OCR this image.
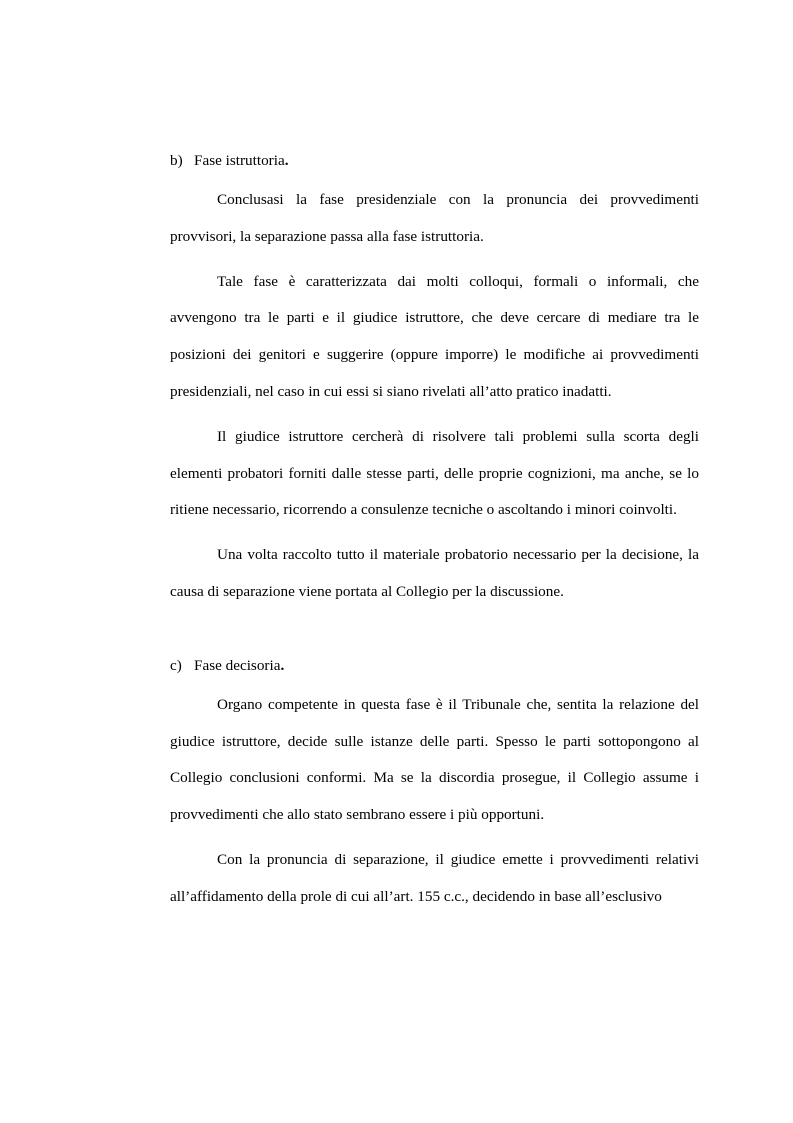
b) Fase istruttoria.

Conclusasi la fase presidenziale con la pronuncia dei provvedimenti provvisori, la separazione passa alla fase istruttoria.

Tale fase è caratterizzata dai molti colloqui, formali o informali, che avvengono tra le parti e il giudice istruttore, che deve cercare di mediare tra le posizioni dei genitori e suggerire (oppure imporre) le modifiche ai provvedimenti presidenziali, nel caso in cui essi si siano rivelati all’atto pratico inadatti.

Il giudice istruttore cercherà di risolvere tali problemi sulla scorta degli elementi probatori forniti dalle stesse parti, delle proprie cognizioni, ma anche, se lo ritiene necessario, ricorrendo a consulenze tecniche o ascoltando i minori coinvolti.

Una volta raccolto tutto il materiale probatorio necessario per la decisione, la causa di separazione viene portata al Collegio per la discussione.

c) Fase decisoria.

Organo competente in questa fase è il Tribunale che, sentita la relazione del giudice istruttore, decide sulle istanze delle parti. Spesso le parti sottopongono al Collegio conclusioni conformi. Ma se la discordia prosegue, il Collegio assume i provvedimenti che allo stato sembrano essere i più opportuni.

Con la pronuncia di separazione, il giudice emette i provvedimenti relativi all’affidamento della prole di cui all’art. 155 c.c., decidendo in base all’esclusivo
